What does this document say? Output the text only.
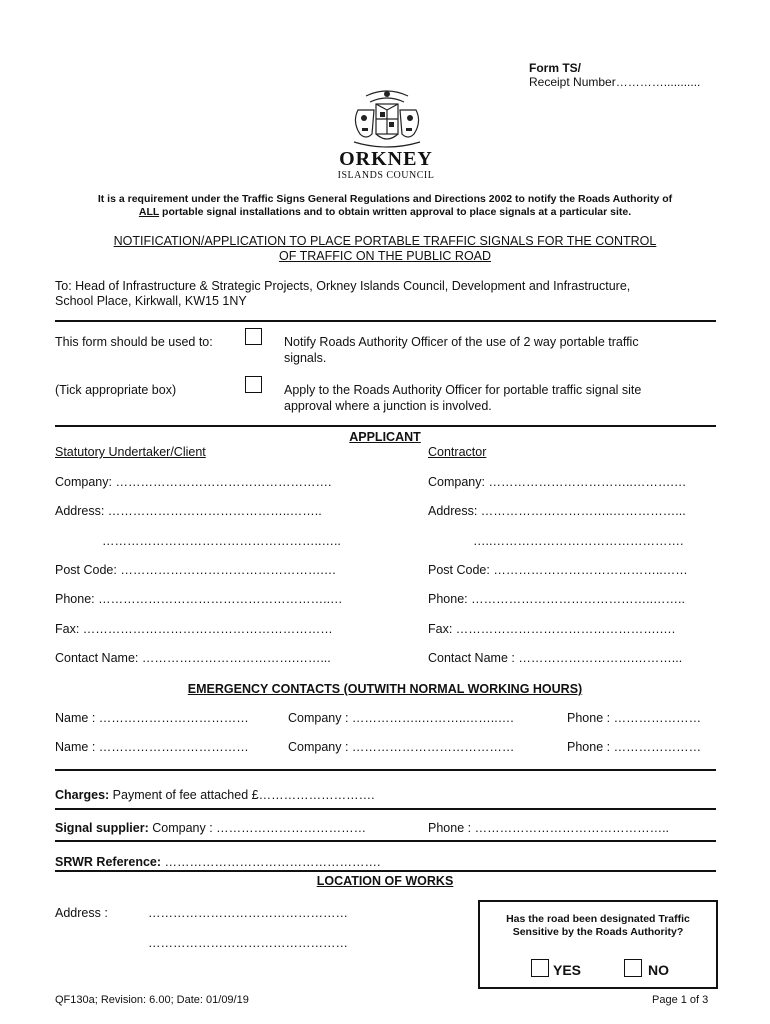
Form TS/
Receipt Number…………...........
ORKNEY
ISLANDS COUNCIL
It is a requirement under the Traffic Signs General Regulations and Directions 2002 to notify the Roads Authority of
ALL portable signal installations and to obtain written approval to place signals at a particular site.
NOTIFICATION/APPLICATION TO PLACE PORTABLE TRAFFIC SIGNALS FOR THE CONTROL
OF TRAFFIC ON THE PUBLIC ROAD
To: Head of Infrastructure & Strategic Projects, Orkney Islands Council, Development and Infrastructure,
School Place, Kirkwall, KW15 1NY
This form should be used to:	Notify Roads Authority Officer of the use of 2 way portable traffic
signals.
(Tick appropriate box)	Apply to the Roads Authority Officer for portable traffic signal site
approval where a junction is involved.
APPLICANT
Statutory Undertaker/Client	Contractor
Company: …………………………………………….	Company: ……………………………..……….…
Address: ……………………………………..……..	Address: …………………………..……………...
……………………………………………..…..	…..……………………………………….
Post Code: ………………………………………….…	Post Code: …………………………………..……
Phone: ………………………………………………..…	Phone: ……………………………………..……..
Fax: ……………………………………………………	Fax: ………………………………………….….
Contact Name: ……………………………….……...	Contact Name : ……………………….………...
EMERGENCY CONTACTS (OUTWITH NORMAL WORKING HOURS)
Name : ………………………………	Company : ……………..………..……..….	Phone : …………………
Name : ………………………………	Company : …………………………………	Phone : …………………
Charges: Payment of fee attached £……………………….
Signal supplier: Company : ………………………………	Phone : ………………………………………..
SRWR Reference: …………………………………………….
LOCATION OF WORKS
Address :	…………………………………………
…………………………………………
Has the road been designated Traffic
Sensitive by the Roads Authority?
YES	NO
QF130a; Revision: 6.00; Date: 01/09/19	Page 1 of 3
